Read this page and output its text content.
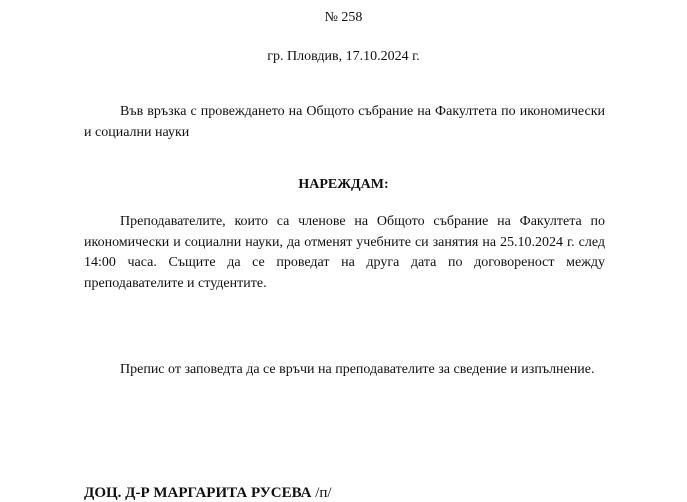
№ 258
гр. Пловдив, 17.10.2024 г.

Във връзка с провеждането на Общото събрание на Факултета по икономически и социални науки

НАРЕЖДАМ:

Преподавателите, които са членове на Общото събрание на Факултета по икономически и социални науки, да отменят учебните си занятия на 25.10.2024 г. след 14:00 часа. Същите да се проведат на друга дата по договореност между преподавателите и студентите.

Препис от заповедта да се връчи на преподавателите за сведение и изпълнение.

ДОЦ. Д-Р МАРГАРИТА РУСЕВА /п/
